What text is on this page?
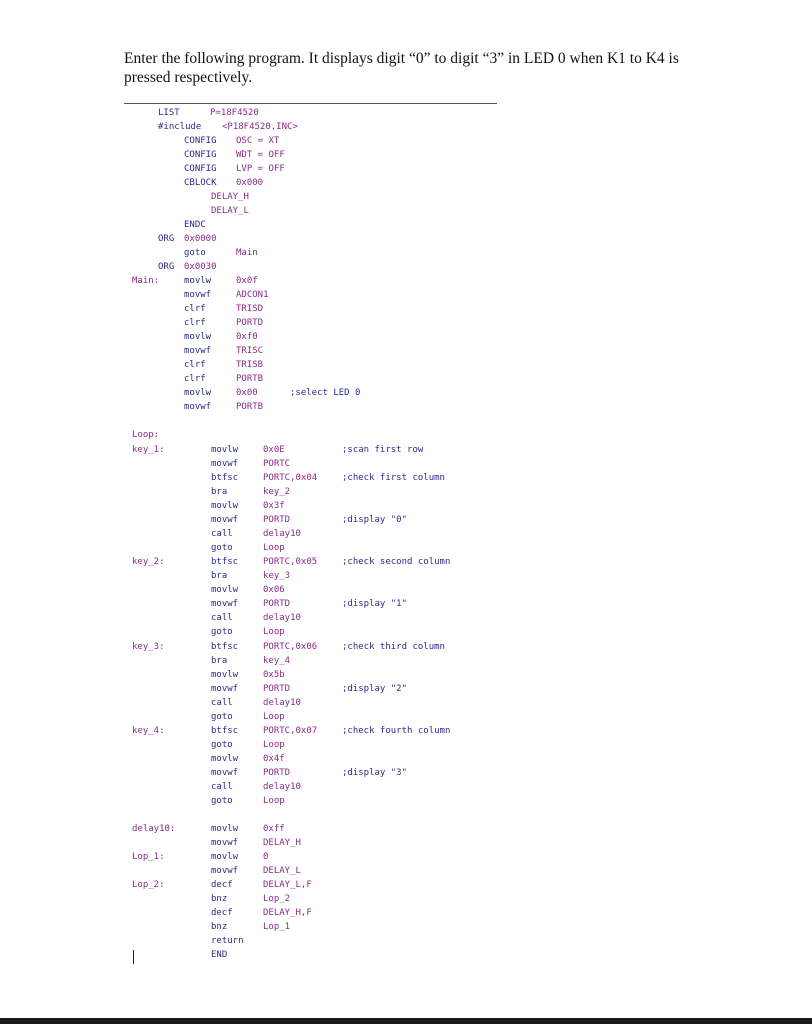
Enter the following program. It displays digit “0” to digit “3” in LED 0 when K1 to K4 is pressed respectively.

LIST	P=18F4520
#include <P18F4520.INC>
CONFIG OSC = XT
CONFIG WDT = OFF
CONFIG LVP = OFF
CBLOCK 0x000
DELAY_H
DELAY_L
ENDC
ORG 0x0000
goto	Main
ORG 0x0030
Main:	movlw	0x0f
movwf	ADCON1
clrf	TRISD
clrf	PORTD
movlw	0xf0
movwf	TRISC
clrf	TRISB
clrf	PORTB
movlw	0x00	;select LED 0
movwf	PORTB
Loop:
key_1:	movlw	0x0E	;scan first row
movwf	PORTC
btfsc	PORTC,0x04	;check first column
bra	key_2
movlw	0x3f
movwf	PORTD	;display "0"
call	delay10
goto	Loop
key_2:	btfsc	PORTC,0x05	;check second column
bra	key_3
movlw	0x06
movwf	PORTD	;display "1"
call	delay10
goto	Loop
key_3:	btfsc	PORTC,0x06	;check third column
bra	key_4
movlw	0x5b
movwf	PORTD	;display "2"
call	delay10
goto	Loop
key_4:	btfsc	PORTC,0x07	;check fourth column
goto	Loop
movlw	0x4f
movwf	PORTD	;display "3"
call	delay10
goto	Loop
delay10:	movlw	0xff
movwf	DELAY_H
Lop_1:	movlw	0
movwf	DELAY_L
Lop_2:	decf	DELAY_L,F
bnz	Lop_2
decf	DELAY_H,F
bnz	Lop_1
return
END
